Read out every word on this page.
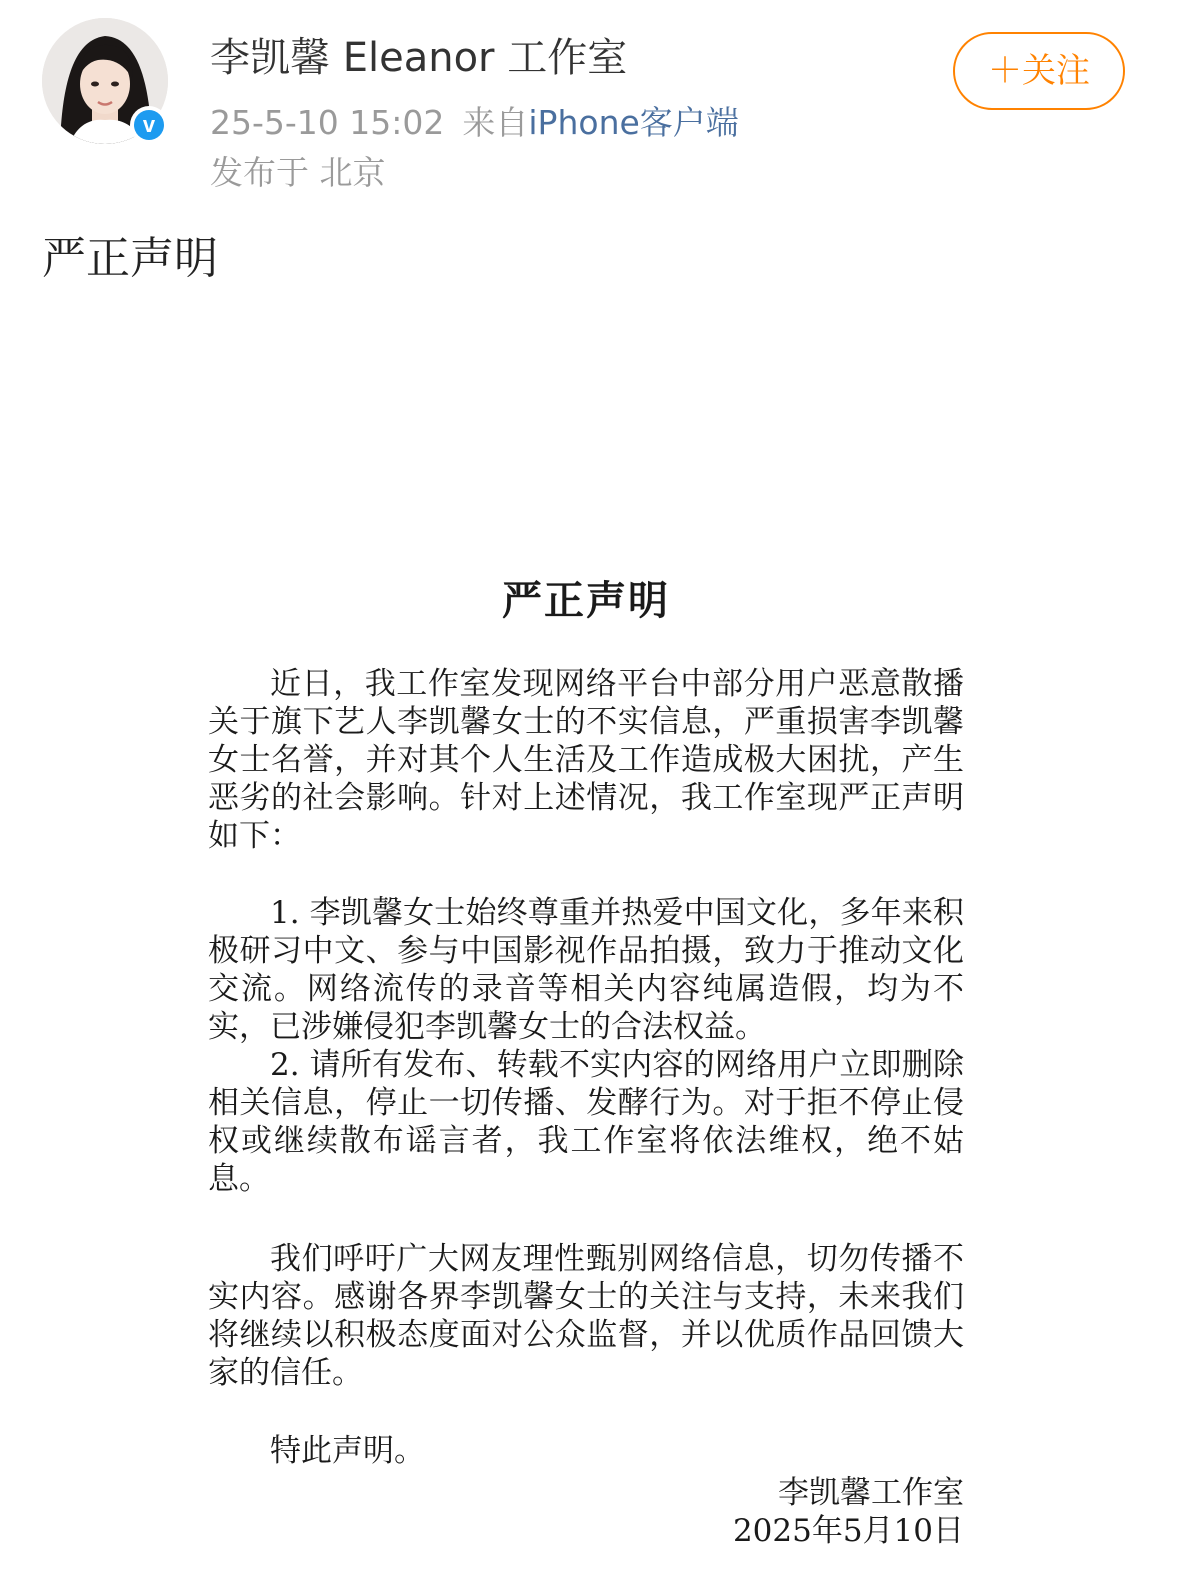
v
李凯馨 Eleanor 工作室
25-5-10 15:02 来自iPhone客户端
发布于 北京
＋关注
严正声明
严正声明

近日，我工作室发现网络平台中部分用户恶意散播关于旗下艺人李凯馨女士的不实信息，严重损害李凯馨女士名誉，并对其个人生活及工作造成极大困扰，产生恶劣的社会影响。针对上述情况，我工作室现严正声明如下：

1. 李凯馨女士始终尊重并热爱中国文化，多年来积极研习中文、参与中国影视作品拍摄，致力于推动文化交流。网络流传的录音等相关内容纯属造假，均为不实，已涉嫌侵犯李凯馨女士的合法权益。

2. 请所有发布、转载不实内容的网络用户立即删除相关信息，停止一切传播、发酵行为。对于拒不停止侵权或继续散布谣言者，我工作室将依法维权，绝不姑息。

我们呼吁广大网友理性甄别网络信息，切勿传播不实内容。感谢各界李凯馨女士的关注与支持，未来我们将继续以积极态度面对公众监督，并以优质作品回馈大家的信任。

特此声明。

李凯馨工作室
2025年5月10日
